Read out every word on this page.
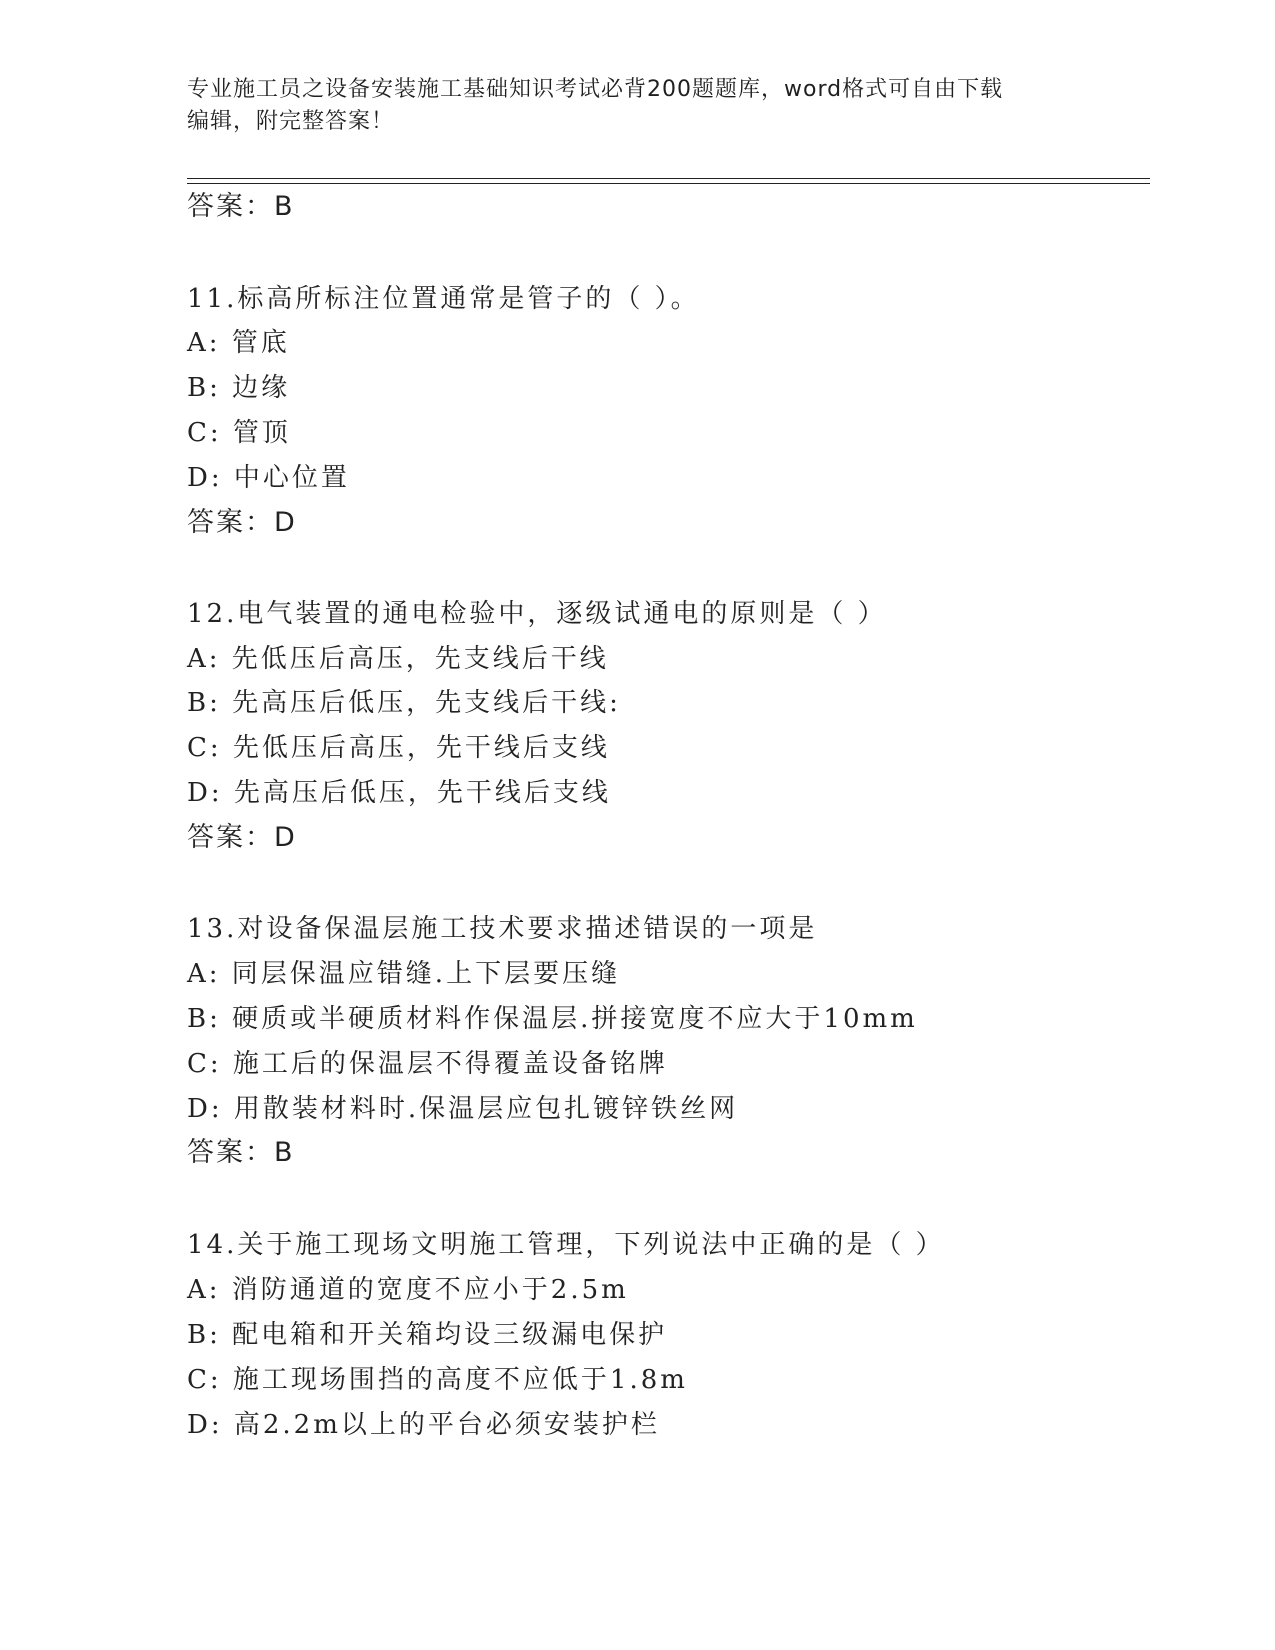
专业施工员之设备安装施工基础知识考试必背200题题库，word格式可自由下载
编辑，附完整答案！
答案：B
11.标高所标注位置通常是管子的（ ）。
A: 管底
B: 边缘
C: 管顶
D: 中心位置
答案：D
12.电气装置的通电检验中，逐级试通电的原则是（ ）
A: 先低压后高压，先支线后干线
B: 先高压后低压，先支线后干线:
C: 先低压后高压，先干线后支线
D: 先高压后低压，先干线后支线
答案：D
13.对设备保温层施工技术要求描述错误的一项是
A: 同层保温应错缝.上下层要压缝
B: 硬质或半硬质材料作保温层.拼接宽度不应大于10mm
C: 施工后的保温层不得覆盖设备铭牌
D: 用散装材料时.保温层应包扎镀锌铁丝网
答案：B
14.关于施工现场文明施工管理，下列说法中正确的是（ ）
A: 消防通道的宽度不应小于2.5m
B: 配电箱和开关箱均设三级漏电保护
C: 施工现场围挡的高度不应低于1.8m
D: 高2.2m以上的平台必须安装护栏
